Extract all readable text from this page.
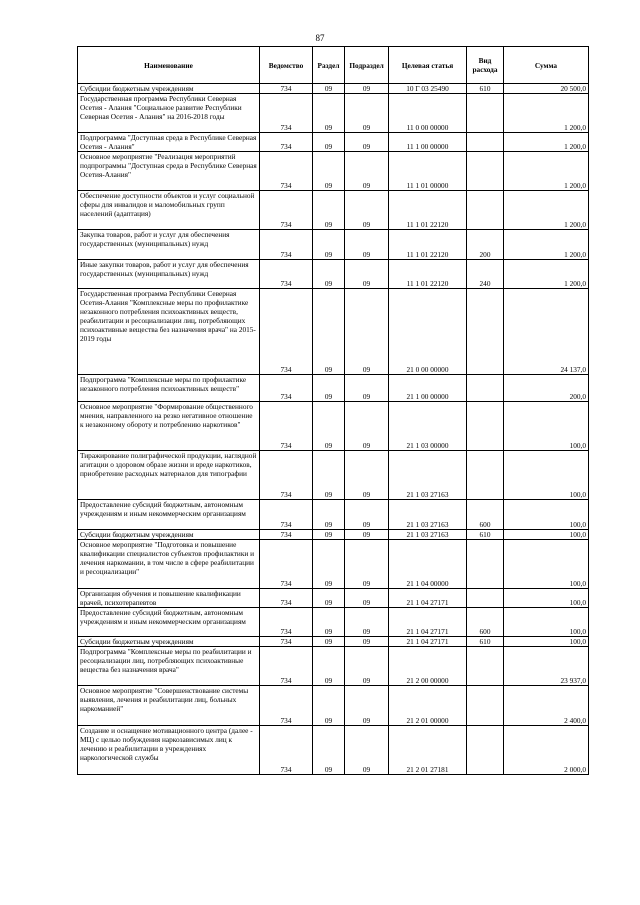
87
Наименование	Ведомство	Раздел	Подраздел	Целевая статья	Вид расхода	Сумма
Субсидии бюджетным учреждениям	734	09	09	10 Г 03 25490	610	20 500,0
Государственная программа Республики Северная Осетия - Алания "Социальное развитие Республики Северная Осетия - Алания" на 2016-2018 годы	734	09	09	11 0 00 00000		1 200,0
Подпрограмма "Доступная среда в Республике Северная Осетия - Алания"	734	09	09	11 1 00 00000		1 200,0
Основное мероприятие "Реализация мероприятий подпрограммы "Доступная среда в Республике Северная Осетия-Алания"	734	09	09	11 1 01 00000		1 200,0
Обеспечение доступности объектов и услуг социальной сферы для инвалидов и маломобильных групп населений (адаптация)	734	09	09	11 1 01 22120		1 200,0
Закупка товаров, работ и услуг для обеспечения государственных (муниципальных) нужд	734	09	09	11 1 01 22120	200	1 200,0
Иные закупки товаров, работ и услуг для обеспечения государственных (муниципальных) нужд	734	09	09	11 1 01 22120	240	1 200,0
Государственная программа Республики Северная Осетия-Алания "Комплексные меры по профилактике незаконного потребления психоактивных веществ, реабилитации и ресоциализации лиц, потребляющих психоактивные вещества без назначения врача" на 2015-2019 годы	734	09	09	21 0 00 00000		24 137,0
Подпрограмма "Комплексные меры по профилактике незаконного потребления психоактивных веществ"	734	09	09	21 1 00 00000		200,0
Основное мероприятие "Формирование общественного мнения, направленного на резко негативное отношение к незаконному обороту и потреблению наркотиков"	734	09	09	21 1 03 00000		100,0
Тиражирование полиграфической продукции, наглядной агитации о здоровом образе жизни и вреде наркотиков, приобретение расходных материалов для типографии	734	09	09	21 1 03 27163		100,0
Предоставление субсидий бюджетным, автономным учреждениям и иным некоммерческим организациям	734	09	09	21 1 03 27163	600	100,0
Субсидии бюджетным учреждениям	734	09	09	21 1 03 27163	610	100,0
Основное мероприятие "Подготовка и повышение квалификации специалистов субъектов профилактики и лечения наркомании, в том числе в сфере реабилитации и ресоциализации"	734	09	09	21 1 04 00000		100,0
Организация обучения и повышение квалификации врачей, психотерапевтов	734	09	09	21 1 04 27171		100,0
Предоставление субсидий бюджетным, автономным учреждениям и иным некоммерческим организациям	734	09	09	21 1 04 27171	600	100,0
Субсидии бюджетным учреждениям	734	09	09	21 1 04 27171	610	100,0
Подпрограмма "Комплексные меры по реабилитации и ресоциализации лиц, потребляющих психоактивные вещества без назначения врача"	734	09	09	21 2 00 00000		23 937,0
Основное мероприятие "Совершенствование системы выявления, лечения и реабилитации лиц, больных наркоманией"	734	09	09	21 2 01 00000		2 400,0
Создание и оснащение мотивационного центра (далее - МЦ) с целью побуждения наркозависимых лиц к лечению и реабилитации в учреждениях наркологической службы	734	09	09	21 2 01 27181		2 000,0
